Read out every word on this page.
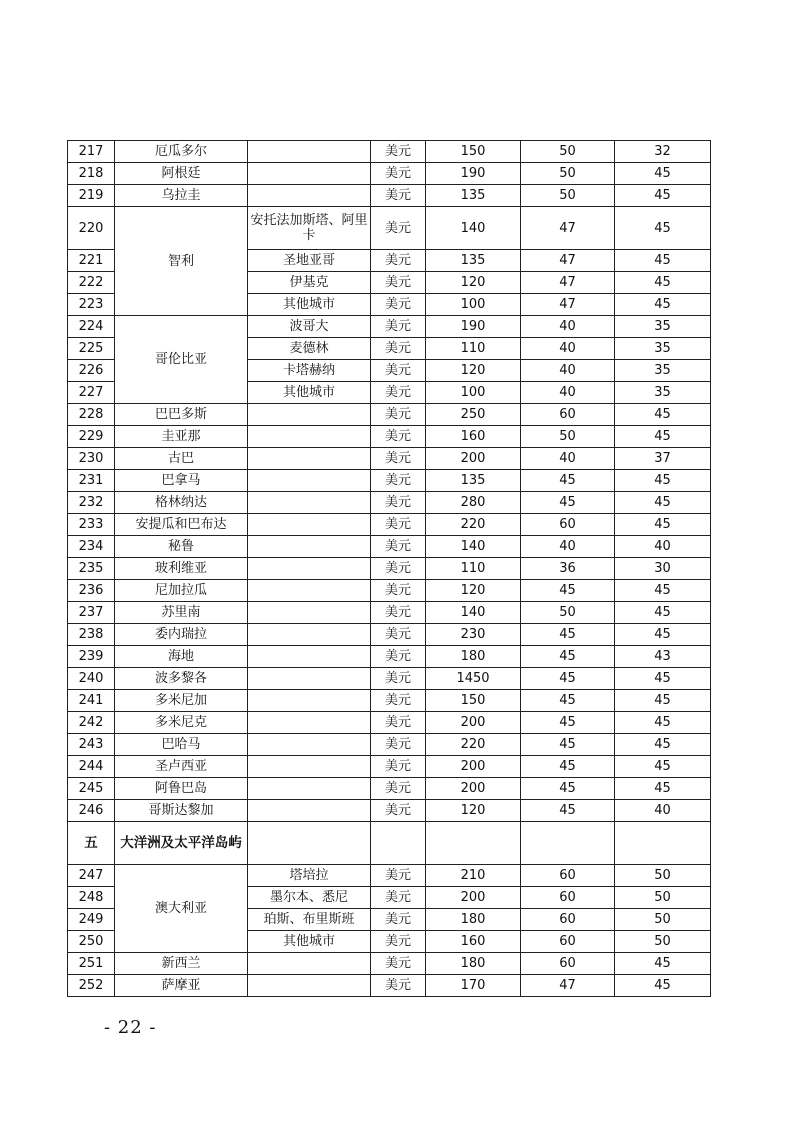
217	厄瓜多尔		美元	150	50	32
218	阿根廷		美元	190	50	45
219	乌拉圭		美元	135	50	45
220	智利	安托法加斯塔、阿里卡	美元	140	47	45
221		圣地亚哥	美元	135	47	45
222		伊基克	美元	120	47	45
223		其他城市	美元	100	47	45
224	哥伦比亚	波哥大	美元	190	40	35
225		麦德林	美元	110	40	35
226		卡塔赫纳	美元	120	40	35
227		其他城市	美元	100	40	35
228	巴巴多斯		美元	250	60	45
229	圭亚那		美元	160	50	45
230	古巴		美元	200	40	37
231	巴拿马		美元	135	45	45
232	格林纳达		美元	280	45	45
233	安提瓜和巴布达		美元	220	60	45
234	秘鲁		美元	140	40	40
235	玻利维亚		美元	110	36	30
236	尼加拉瓜		美元	120	45	45
237	苏里南		美元	140	50	45
238	委内瑞拉		美元	230	45	45
239	海地		美元	180	45	43
240	波多黎各		美元	1450	45	45
241	多米尼加		美元	150	45	45
242	多米尼克		美元	200	45	45
243	巴哈马		美元	220	45	45
244	圣卢西亚		美元	200	45	45
245	阿鲁巴岛		美元	200	45	45
246	哥斯达黎加		美元	120	45	40
五	大洋洲及太平洋岛屿					
247	澳大利亚	塔培拉	美元	210	60	50
248		墨尔本、悉尼	美元	200	60	50
249		珀斯、布里斯班	美元	180	60	50
250		其他城市	美元	160	60	50
251	新西兰		美元	180	60	45
252	萨摩亚		美元	170	47	45
- 22 -
